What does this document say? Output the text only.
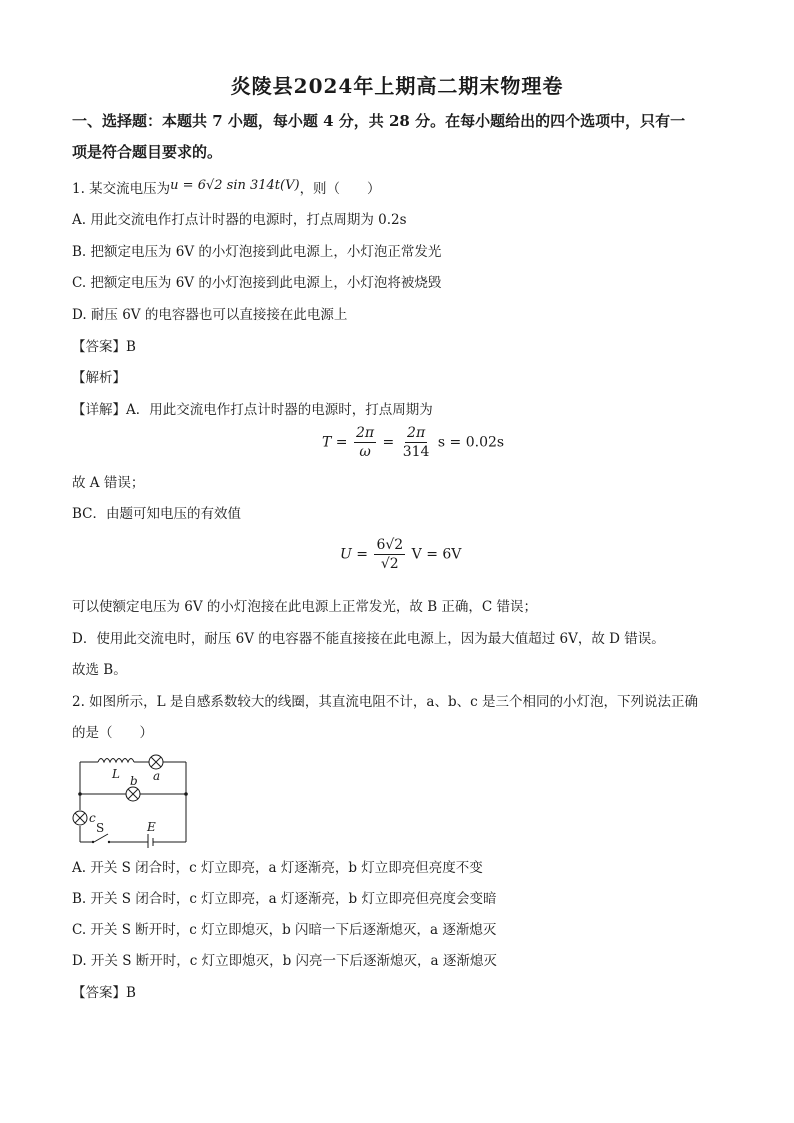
炎陵县2024年上期高二期末物理卷
一、选择题：本题共 7 小题，每小题 4 分，共 28 分。在每小题给出的四个选项中，只有一
项是符合题目要求的。
1. 某交流电压为u = 6√2 sin 314t(V)，则（　　）
A. 用此交流电作打点计时器的电源时，打点周期为 0.2s
B. 把额定电压为 6V 的小灯泡接到此电源上，小灯泡正常发光
C. 把额定电压为 6V 的小灯泡接到此电源上，小灯泡将被烧毁
D. 耐压 6V 的电容器也可以直接接在此电源上
【答案】B
【解析】
【详解】A．用此交流电作打点计时器的电源时，打点周期为
$T = \frac{2\pi}{\omega} = \frac{2\pi}{314}$ s = 0.02s
故 A 错误；
BC．由题可知电压的有效值
$U = \frac{6√2}{√2}$ V = 6V
可以使额定电压为 6V 的小灯泡接在此电源上正常发光，故 B 正确，C 错误；
D．使用此交流电时，耐压 6V 的电容器不能直接接在此电源上，因为最大值超过 6V，故 D 错误。
故选 B。
2. 如图所示，L 是自感系数较大的线圈，其直流电阻不计，a、b、c 是三个相同的小灯泡，下列说法正确
的是（　　）
L	a
b
c
E
S
A. 开关 S 闭合时，c 灯立即亮，a 灯逐渐亮，b 灯立即亮但亮度不变
B. 开关 S 闭合时，c 灯立即亮，a 灯逐渐亮，b 灯立即亮但亮度会变暗
C. 开关 S 断开时，c 灯立即熄灭，b 闪暗一下后逐渐熄灭，a 逐渐熄灭
D. 开关 S 断开时，c 灯立即熄灭，b 闪亮一下后逐渐熄灭，a 逐渐熄灭
【答案】B
